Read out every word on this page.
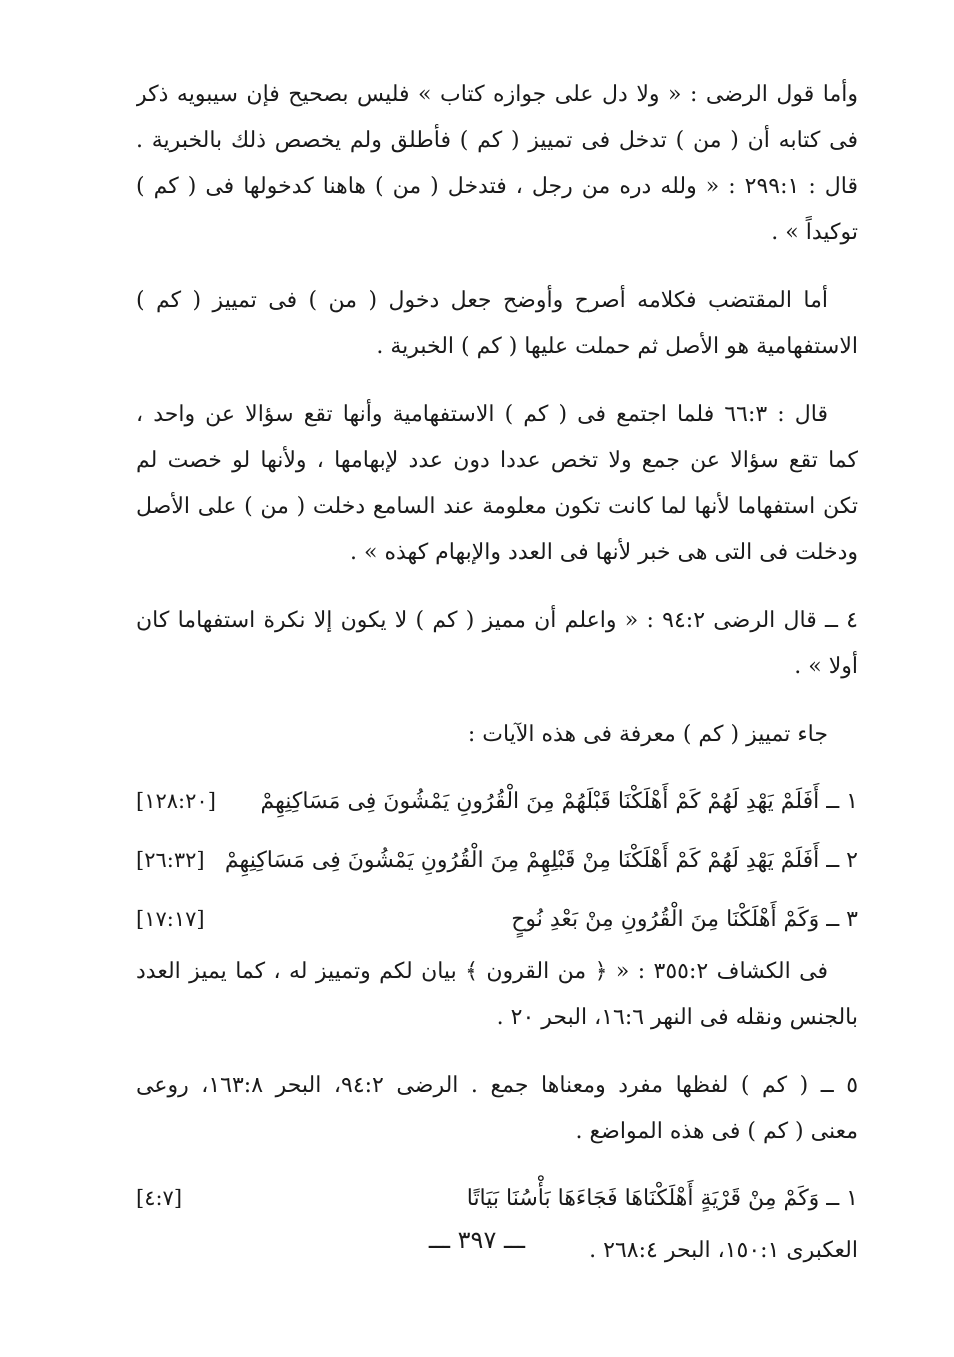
وأما قول الرضى : « ولا دل على جوازه كتاب » فليس بصحيح فإن سيبويه ذكر
فى كتابه أن ( من ) تدخل فى تمييز ( كم ) فأطلق ولم يخصص ذلك بالخبرية .
قال : ٢٩٩:١ : « ولله دره من رجل ، فتدخل ( من ) هاهنا كدخولها فى ( كم )
توكيداً » .
أما المقتضب فكلامه أصرح وأوضح جعل دخول ( من ) فى تمييز ( كم )
الاستفهامية هو الأصل ثم حملت عليها ( كم ) الخبرية .
قال : ٦٦:٣ فلما اجتمع فى ( كم ) الاستفهامية وأنها تقع سؤالا عن واحد ،
كما تقع سؤالا عن جمع ولا تخص عددا دون عدد لإبهامها ، ولأنها لو خصت لم
تكن استفهاما لأنها لما كانت تكون معلومة عند السامع دخلت ( من ) على الأصل
ودخلت فى التى هى خبر لأنها فى العدد والإبهام كهذه » .
٤ ــ قال الرضى ٩٤:٢ : « واعلم أن مميز ( كم ) لا يكون إلا نكرة استفهاما كان
أولا » .
جاء تمييز ( كم ) معرفة فى هذه الآيات :
١ ــ أَفَلَمْ يَهْدِ لَهُمْ كَمْ أَهْلَكْنَا قَبْلَهُمْ مِنَ الْقُرُونِ يَمْشُونَ فِى مَسَاكِنِهِمْ
[١٢٨:٢٠]
٢ ــ أَفَلَمْ يَهْدِ لَهُمْ كَمْ أَهْلَكْنَا مِنْ قَبْلِهِمْ مِنَ الْقُرُونِ يَمْشُونَ فِى مَسَاكِنِهِمْ
[٢٦:٣٢]
٣ ــ وَكَمْ أَهْلَكْنَا مِنَ الْقُرُونِ مِنْ بَعْدِ نُوحٍ
[١٧:١٧]
فى الكشاف ٣٥٥:٢ : « ﴿ من القرون ﴾ بيان لكم وتمييز له ، كما يميز العدد
بالجنس ونقله فى النهر ١٦:٦، البحر ٢٠ .
٥ ــ ( كم ) لفظها مفرد ومعناها جمع . الرضى ٩٤:٢، البحر ١٦٣:٨، روعى
معنى ( كم ) فى هذه المواضع .
١ ــ وَكَمْ مِنْ قَرْيَةٍ أَهْلَكْنَاهَا فَجَاءَهَا بَأْسُنَا بَيَاتًا
[٤:٧]
العكبرى ١٥٠:١، البحر ٢٦٨:٤ .
ـــ ٣٩٧ ـــ
